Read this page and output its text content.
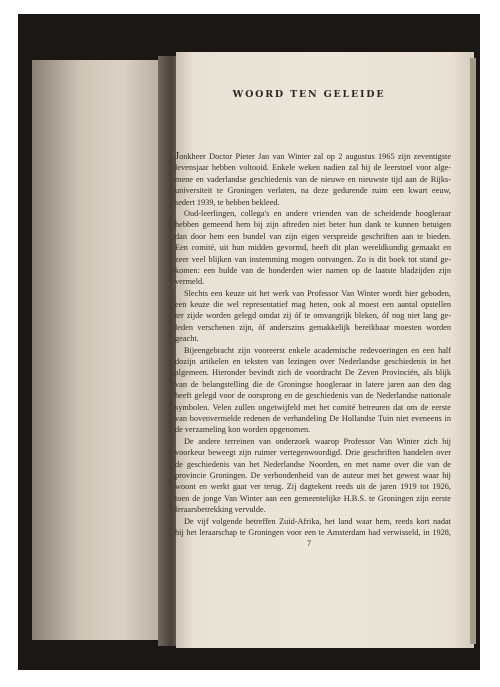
WOORD TEN GELEIDE

Jonkheer Doctor Pieter Jan van Winter zal op 2 augustus 1965 zijn zeventigste
levensjaar hebben voltooid. Enkele weken nadien zal hij de leerstoel voor alge-
mene en vaderlandse geschiedenis van de nieuwe en nieuwste tijd aan de Rijks-
universiteit te Groningen verlaten, na deze gedurende ruim een kwart eeuw,
sedert 1939, te hebben bekleed.

Oud-leerlingen, collega's en andere vrienden van de scheidende hoogleraar
hebben gemeend hem bij zijn aftreden niet beter hun dank te kunnen betuigen
dan door hem een bundel van zijn eigen verspreide geschriften aan te bieden.
Een comité, uit hun midden gevormd, heeft dit plan wereldkundig gemaakt en
zeer veel blijken van instemming mogen ontvangen. Zo is dit boek tot stand ge-
komen: een hulde van de honderden wier namen op de laatste bladzijden zijn
vermeld.

Slechts een keuze uit het werk van Professor Van Winter wordt hier geboden,
een keuze die wel representatief mag heten, ook al moest een aantal opstellen
ter zijde worden gelegd omdat zij óf te omvangrijk bleken, óf nog niet lang ge-
leden verschenen zijn, óf anderszins gemakkelijk bereikbaar moesten worden
geacht.

Bijeengebracht zijn vooreerst enkele academische redevoeringen en een half
dozijn artikelen en teksten van lezingen over Nederlandse geschiedenis in het
algemeen. Hieronder bevindt zich de voordracht De Zeven Provinciën, als blijk
van de belangstelling die de Groningse hoogleraar in latere jaren aan den dag
heeft gelegd voor de oorsprong en de geschiedenis van de Nederlandse nationale
symbolen. Velen zullen ongetwijfeld met het comité betreuren dat om de eerste
van bovenvermelde redenen de verhandeling De Hollandse Tuin niet eveneens in
de verzameling kon worden opgenomen.

De andere terreinen van onderzoek waarop Professor Van Winter zich bij
voorkeur beweegt zijn ruimer vertegenwoordigd. Drie geschriften handelen over
de geschiedenis van het Nederlandse Noorden, en met name over die van de
provincie Groningen. De verbondenheid van de auteur met het gewest waar hij
woont en werkt gaat ver terug. Zij dagtekent reeds uit de jaren 1919 tot 1926,
toen de jonge Van Winter aan een gemeentelijke H.B.S. te Groningen zijn eerste
leraarsbetrekking vervulde.

De vijf volgende betreffen Zuid-Afrika, het land waar hem, reeds kort nadat
hij het leraarschap te Groningen voor een te Amsterdam had verwisseld, in 1928,

7
